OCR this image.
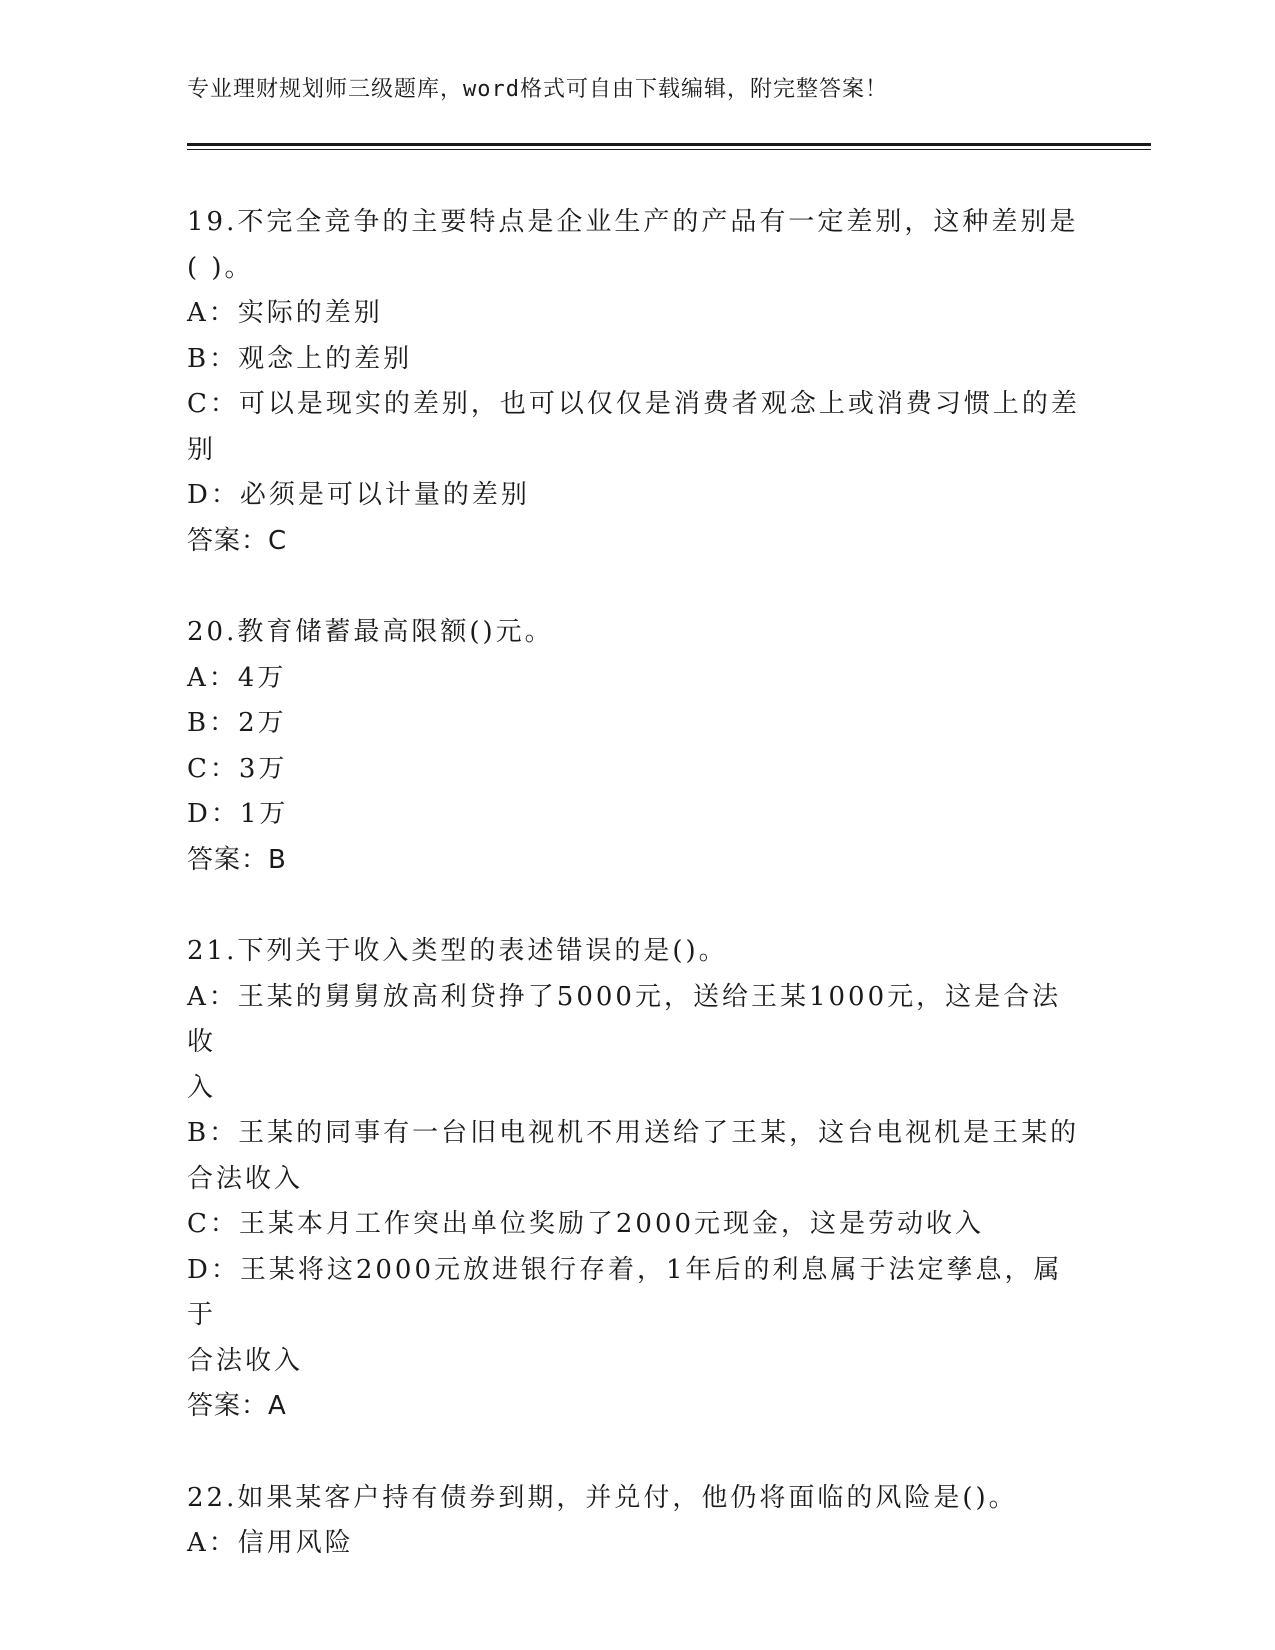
专业理财规划师三级题库，word格式可自由下载编辑，附完整答案！
19.不完全竞争的主要特点是企业生产的产品有一定差别，这种差别是
( )。
A：实际的差别
B：观念上的差别
C：可以是现实的差别，也可以仅仅是消费者观念上或消费习惯上的差
别
D：必须是可以计量的差别
答案：C
20.教育储蓄最高限额()元。
A：4万
B：2万
C：3万
D：1万
答案：B
21.下列关于收入类型的表述错误的是()。
A：王某的舅舅放高利贷挣了5000元，送给王某1000元，这是合法收
入
B：王某的同事有一台旧电视机不用送给了王某，这台电视机是王某的
合法收入
C：王某本月工作突出单位奖励了2000元现金，这是劳动收入
D：王某将这2000元放进银行存着，1年后的利息属于法定孳息，属于
合法收入
答案：A
22.如果某客户持有债券到期，并兑付，他仍将面临的风险是()。
A：信用风险
